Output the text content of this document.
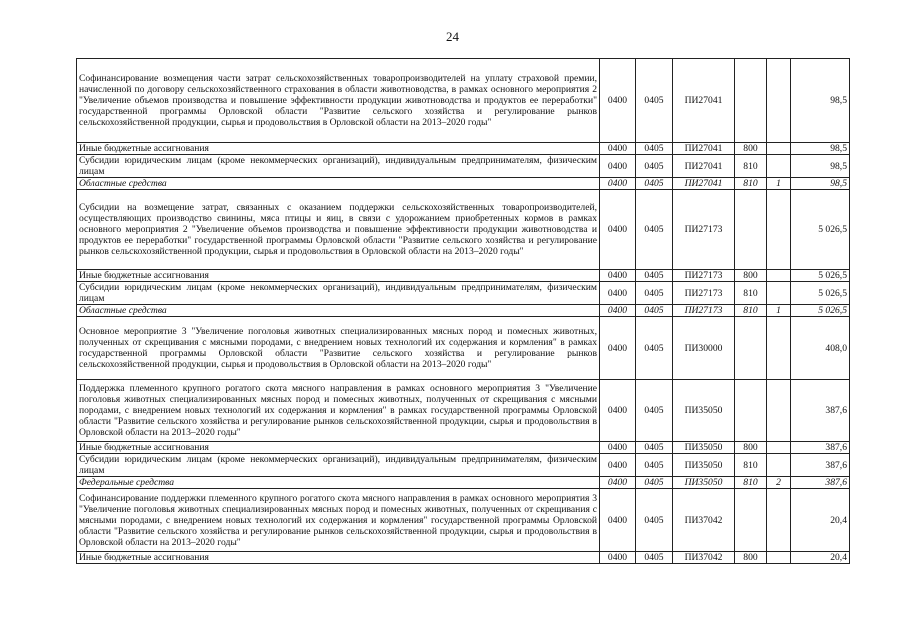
24
Софинансирование возмещения части затрат сельскохозяйственных товаропроизводителей на уплату страховой премии, начисленной по договору сельскохозяйственного страхования в области животноводства, в рамках основного мероприятия 2 "Увеличение объемов производства и повышение эффективности продукции животноводства и продуктов ее переработки" государственной программы Орловской области "Развитие сельского хозяйства и регулирование рынков сельскохозяйственной продукции, сырья и продовольствия в Орловской области на 2013–2020 годы"	0400	0405	ПИ27041			98,5
Иные бюджетные ассигнования	0400	0405	ПИ27041	800		98,5
Субсидии юридическим лицам (кроме некоммерческих организаций), индивидуальным предпринимателям, физическим лицам	0400	0405	ПИ27041	810		98,5
Областные средства	0400	0405	ПИ27041	810	1	98,5
Субсидии на возмещение затрат, связанных с оказанием поддержки сельскохозяйственных товаропроизводителей, осуществляющих производство свинины, мяса птицы и яиц, в связи с удорожанием приобретенных кормов в рамках основного мероприятия 2 "Увеличение объемов производства и повышение эффективности продукции животноводства и продуктов ее переработки" государственной программы Орловской области "Развитие сельского хозяйства и регулирование рынков сельскохозяйственной продукции, сырья и продовольствия в Орловской области на 2013–2020 годы"	0400	0405	ПИ27173			5 026,5
Иные бюджетные ассигнования	0400	0405	ПИ27173	800		5 026,5
Субсидии юридическим лицам (кроме некоммерческих организаций), индивидуальным предпринимателям, физическим лицам	0400	0405	ПИ27173	810		5 026,5
Областные средства	0400	0405	ПИ27173	810	1	5 026,5
Основное мероприятие 3 "Увеличение поголовья животных специализированных мясных пород и помесных животных, полученных от скрещивания с мясными породами, с внедрением новых технологий их содержания и кормления" в рамках государственной программы Орловской области "Развитие сельского хозяйства и регулирование рынков сельскохозяйственной продукции, сырья и продовольствия в Орловской области на 2013–2020 годы"	0400	0405	ПИ30000			408,0
Поддержка племенного крупного рогатого скота мясного направления в рамках основного мероприятия 3 "Увеличение поголовья животных специализированных мясных пород и помесных животных, полученных от скрещивания с мясными породами, с внедрением новых технологий их содержания и кормления" в рамках государственной программы Орловской области "Развитие сельского хозяйства и регулирование рынков сельскохозяйственной продукции, сырья и продовольствия в Орловской области на 2013–2020 годы"	0400	0405	ПИ35050			387,6
Иные бюджетные ассигнования	0400	0405	ПИ35050	800		387,6
Субсидии юридическим лицам (кроме некоммерческих организаций), индивидуальным предпринимателям, физическим лицам	0400	0405	ПИ35050	810		387,6
Федеральные средства	0400	0405	ПИ35050	810	2	387,6
Софинансирование поддержки племенного крупного рогатого скота мясного направления в рамках основного мероприятия 3 "Увеличение поголовья животных специализированных мясных пород и помесных животных, полученных от скрещивания с мясными породами, с внедрением новых технологий их содержания и кормления" государственной программы Орловской области "Развитие сельского хозяйства и регулирование рынков сельскохозяйственной продукции, сырья и продовольствия в Орловской области на 2013–2020 годы"	0400	0405	ПИ37042			20,4
Иные бюджетные ассигнования	0400	0405	ПИ37042	800		20,4
